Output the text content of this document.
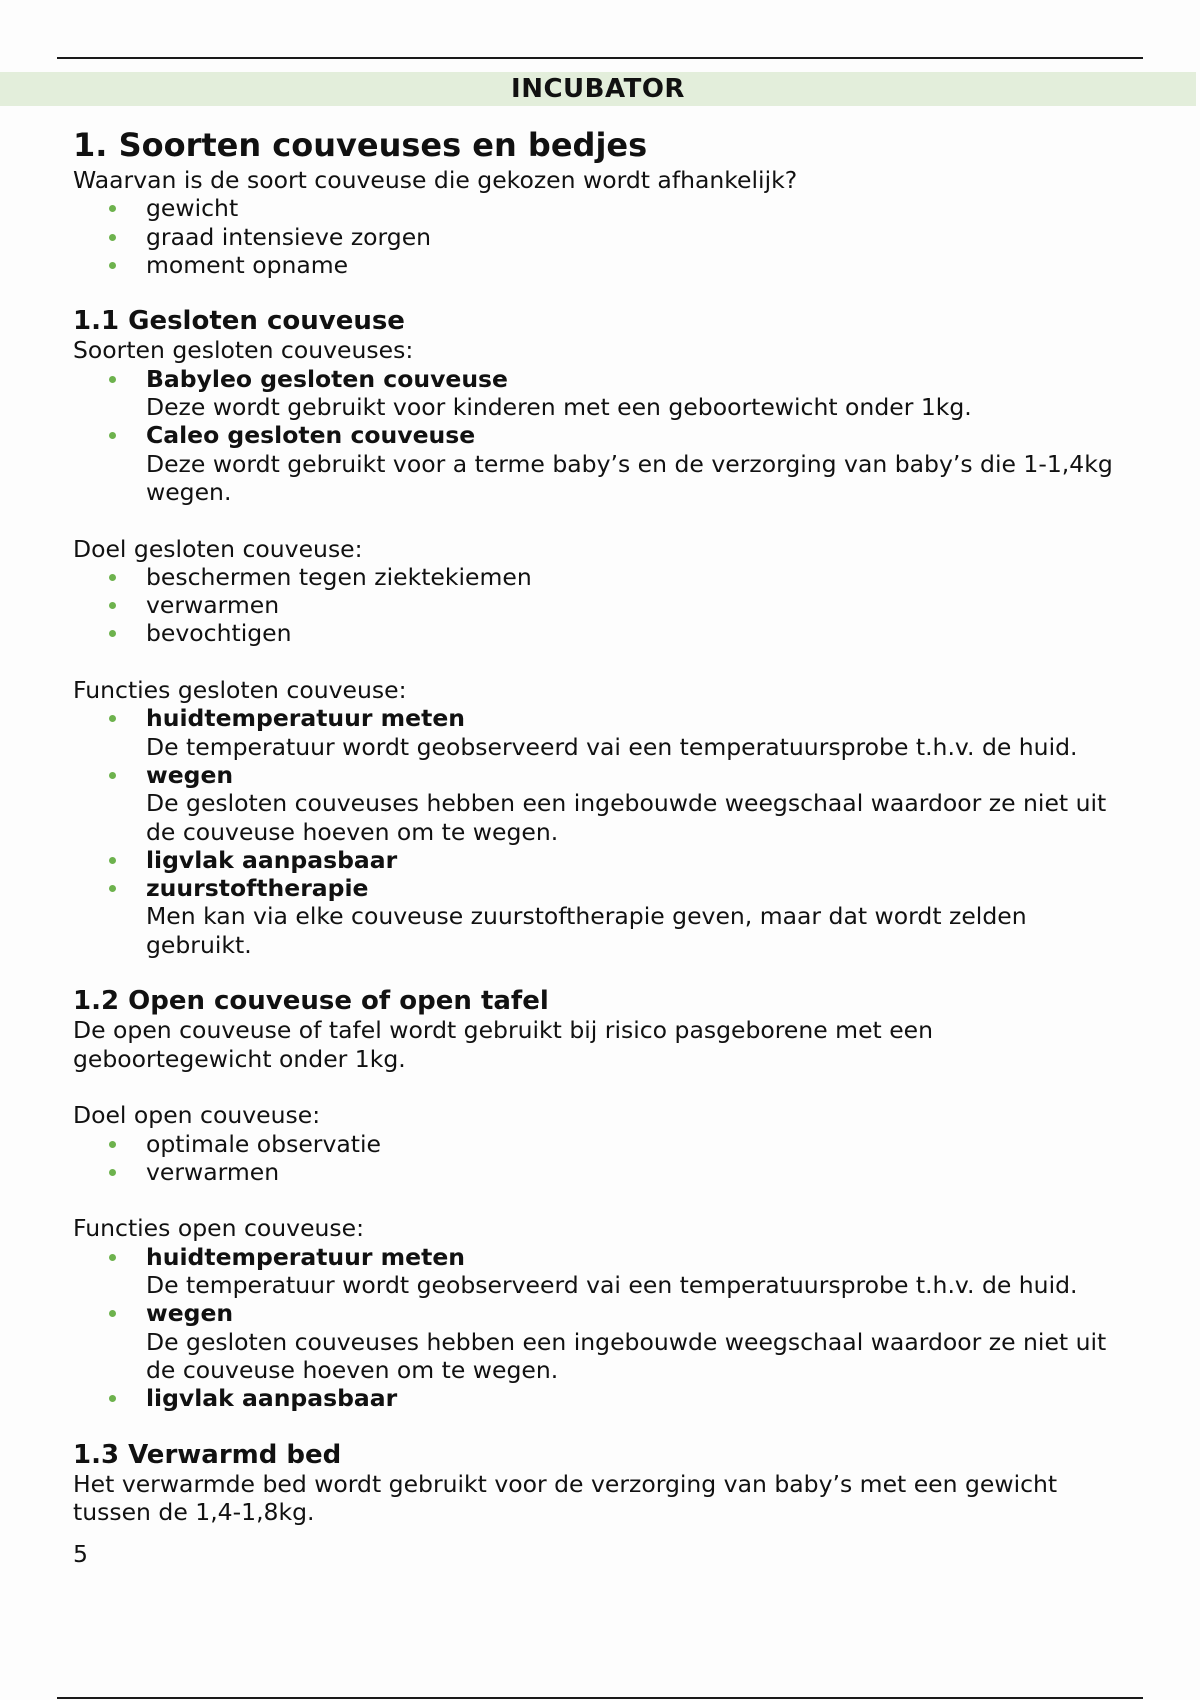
INCUBATOR
1. Soorten couveuses en bedjes

Waarvan is de soort couveuse die gekozen wordt afhankelijk?

gewicht
graad intensieve zorgen
moment opname
1.1 Gesloten couveuse

Soorten gesloten couveuses:

Babyleo gesloten couveuse
Deze wordt gebruikt voor kinderen met een geboortewicht onder 1kg.
Caleo gesloten couveuse
Deze wordt gebruikt voor a terme baby’s en de verzorging van baby’s die 1-1,4kg wegen.

Doel gesloten couveuse:

beschermen tegen ziektekiemen
verwarmen
bevochtigen

Functies gesloten couveuse:

huidtemperatuur meten
De temperatuur wordt geobserveerd vai een temperatuursprobe t.h.v. de huid.
wegen
De gesloten couveuses hebben een ingebouwde weegschaal waardoor ze niet uit de couveuse hoeven om te wegen.
ligvlak aanpasbaar
zuurstoftherapie
Men kan via elke couveuse zuurstoftherapie geven, maar dat wordt zelden gebruikt.
1.2 Open couveuse of open tafel

De open couveuse of tafel wordt gebruikt bij risico pasgeborene met een geboortegewicht onder 1kg.

Doel open couveuse:

optimale observatie
verwarmen

Functies open couveuse:

huidtemperatuur meten
De temperatuur wordt geobserveerd vai een temperatuursprobe t.h.v. de huid.
wegen
De gesloten couveuses hebben een ingebouwde weegschaal waardoor ze niet uit de couveuse hoeven om te wegen.
ligvlak aanpasbaar
1.3 Verwarmd bed

Het verwarmde bed wordt gebruikt voor de verzorging van baby’s met een gewicht tussen de 1,4-1,8kg.

5
